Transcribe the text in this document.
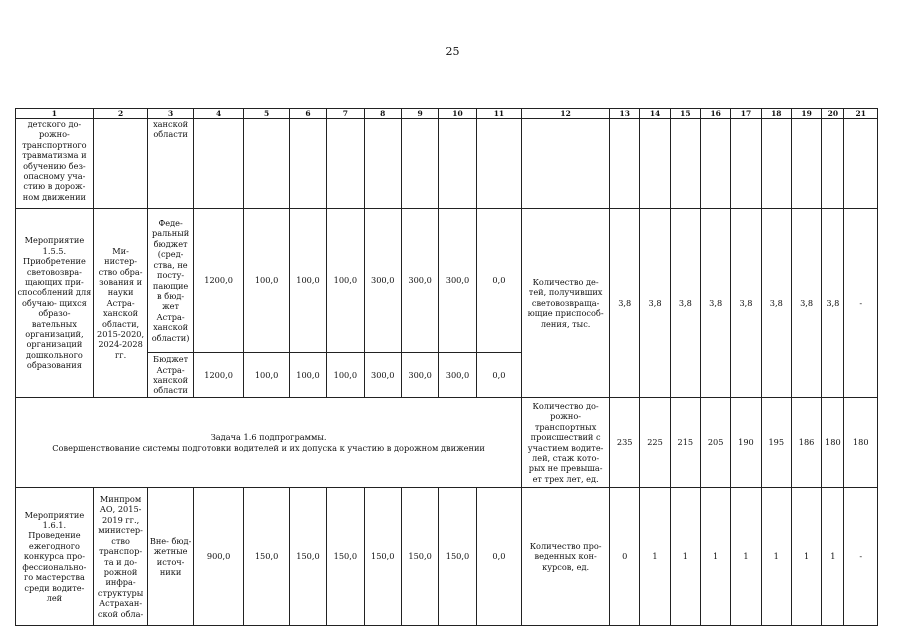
25
1	2	3	4	5	6	7	8	9	10	11	12	13	14	15	16	17	18	19	20	21
детского до- рожно- транспортного травматизма и обучению без- опасному уча- стию в дорож- ном движении		ханской области																		
Мероприятие 1.5.5. Приобретение световозвра- щающих при- способлений для обучаю- щихся образо- вательных организаций, организаций дошкольного образования	Ми- нистер- ство обра- зования и науки Астра- ханской области, 2015-2020, 2024-2028 гг.	Феде- ральный бюджет (сред- ства, не посту- пающие в бюд- жет Астра- ханской области)	1200,0	100,0	100,0	100,0	300,0	300,0	300,0	0,0	Количество де- тей, получивших световозвраща- ющие приспособ- ления, тыс.	3,8	3,8	3,8	3,8	3,8	3,8	3,8	3,8	-
		Бюджет Астра- ханской области	1200,0	100,0	100,0	100,0	300,0	300,0	300,0	0,0										

Задача 1.6 подпрограммы.
Совершенствование системы подготовки водителей и их допуска к участию в дорожном движении											Количество до- рожно- транспортных происшествий с участием водите- лей, стаж кото- рых не превыша- ет трех лет, ед.	235	225	215	205	190	195	186	180	180
Мероприятие 1.6.1. Проведение ежегодного конкурса про- фессионально- го мастерства среди водите- лей	Минпром АО, 2015- 2019 гг., министер- ство транспор- та и до- рожной инфра- структуры Астрахан- ской обла-	Вне- бюд- жетные источ- ники	900,0	150,0	150,0	150,0	150,0	150,0	150,0	0,0	Количество про- веденных кон- курсов, ед.	0	1	1	1	1	1	1	1	-
